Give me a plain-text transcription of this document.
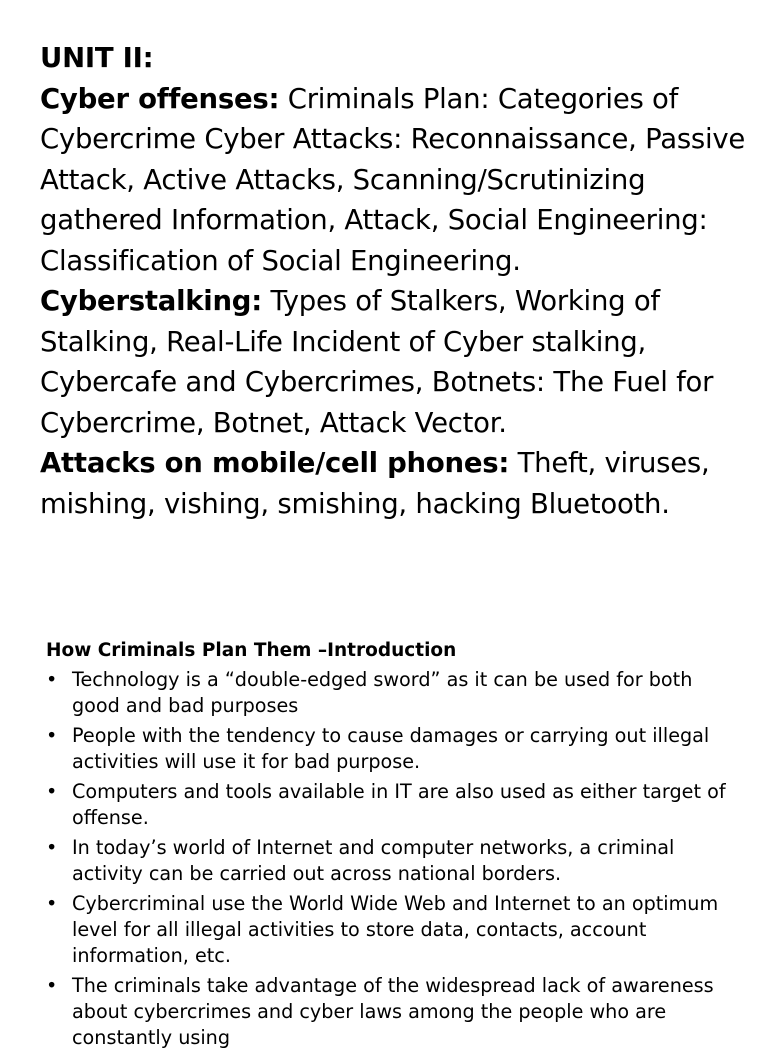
UNIT II:

Cyber offenses: Criminals Plan: Categories of Cybercrime Cyber Attacks: Reconnaissance, Passive Attack, Active Attacks, Scanning/Scrutinizing gathered Information, Attack, Social Engineering: Classification of Social Engineering.

Cyberstalking: Types of Stalkers, Working of Stalking, Real-Life Incident of Cyber stalking, Cybercafe and Cybercrimes, Botnets: The Fuel for Cybercrime, Botnet, Attack Vector.

Attacks on mobile/cell phones: Theft, viruses, mishing, vishing, smishing, hacking Bluetooth.

How Criminals Plan Them –Introduction
• Technology is a “double-edged sword” as it can be used for both good and bad purposes
• People with the tendency to cause damages or carrying out illegal activities will use it for bad purpose.
• Computers and tools available in IT are also used as either target of offense.
• In today’s world of Internet and computer networks, a criminal activity can be carried out across national borders.
• Cybercriminal use the World Wide Web and Internet to an optimum level for all illegal activities to store data, contacts, account information, etc.
• The criminals take advantage of the widespread lack of awareness about cybercrimes and cyber laws among the people who are constantly using
